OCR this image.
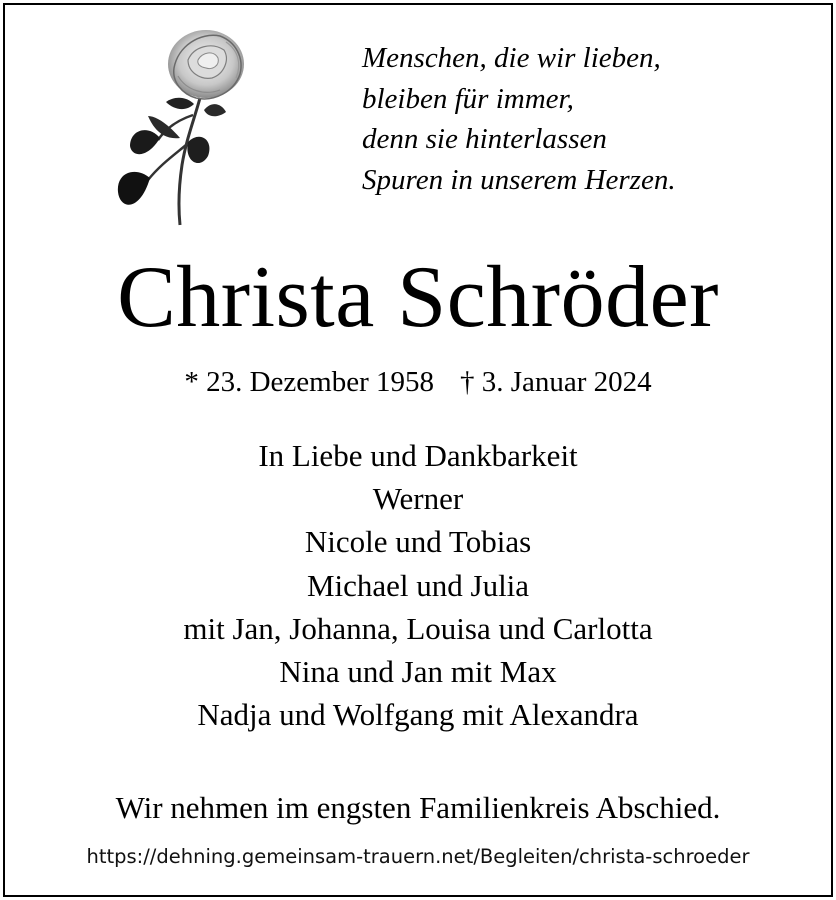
Menschen, die wir lieben,
bleiben für immer,
denn sie hinterlassen
Spuren in unserem Herzen.
Christa Schröder
* 23. Dezember 1958 † 3. Januar 2024
In Liebe und Dankbarkeit
Werner
Nicole und Tobias
Michael und Julia
mit Jan, Johanna, Louisa und Carlotta
Nina und Jan mit Max
Nadja und Wolfgang mit Alexandra
Wir nehmen im engsten Familienkreis Abschied.
https://dehning.gemeinsam-trauern.net/Begleiten/christa-schroeder
